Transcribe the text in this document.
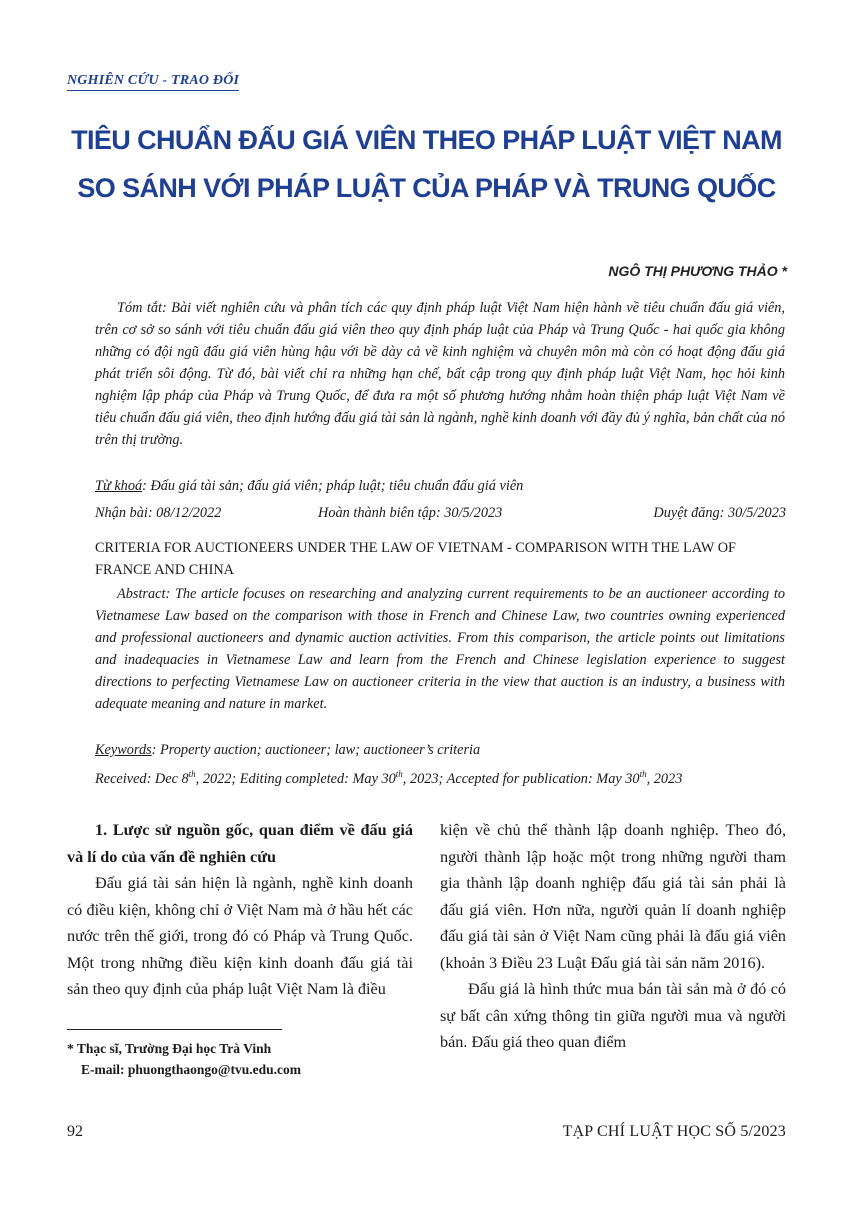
NGHIÊN CỨU - TRAO ĐỔI
TIÊU CHUẨN ĐẤU GIÁ VIÊN THEO PHÁP LUẬT VIỆT NAM
SO SÁNH VỚI PHÁP LUẬT CỦA PHÁP VÀ TRUNG QUỐC
NGÔ THỊ PHƯƠNG THẢO *
Tóm tắt: Bài viết nghiên cứu và phân tích các quy định pháp luật Việt Nam hiện hành về tiêu chuẩn đấu giá viên, trên cơ sở so sánh với tiêu chuẩn đấu giá viên theo quy định pháp luật của Pháp và Trung Quốc - hai quốc gia không những có đội ngũ đấu giá viên hùng hậu với bề dày cả về kinh nghiệm và chuyên môn mà còn có hoạt động đấu giá phát triển sôi động. Từ đó, bài viết chỉ ra những hạn chế, bất cập trong quy định pháp luật Việt Nam, học hỏi kinh nghiệm lập pháp của Pháp và Trung Quốc, để đưa ra một số phương hướng nhằm hoàn thiện pháp luật Việt Nam về tiêu chuẩn đấu giá viên, theo định hướng đấu giá tài sản là ngành, nghề kinh doanh với đầy đủ ý nghĩa, bản chất của nó trên thị trường.
Từ khoá: Đấu giá tài sản; đấu giá viên; pháp luật; tiêu chuẩn đấu giá viên
Nhận bài: 08/12/2022	Hoàn thành biên tập: 30/5/2023	Duyệt đăng: 30/5/2023
CRITERIA FOR AUCTIONEERS UNDER THE LAW OF VIETNAM - COMPARISON WITH THE LAW OF FRANCE AND CHINA
Abstract: The article focuses on researching and analyzing current requirements to be an auctioneer according to Vietnamese Law based on the comparison with those in French and Chinese Law, two countries owning experienced and professional auctioneers and dynamic auction activities. From this comparison, the article points out limitations and inadequacies in Vietnamese Law and learn from the French and Chinese legislation experience to suggest directions to perfecting Vietnamese Law on auctioneer criteria in the view that auction is an industry, a business with adequate meaning and nature in market.
Keywords: Property auction; auctioneer; law; auctioneer’s criteria
Received: Dec 8th, 2022; Editing completed: May 30th, 2023; Accepted for publication: May 30th, 2023

1. Lược sử nguồn gốc, quan điểm về đấu giá và lí do của vấn đề nghiên cứu

Đấu giá tài sản hiện là ngành, nghề kinh doanh có điều kiện, không chỉ ở Việt Nam mà ở hầu hết các nước trên thế giới, trong đó có Pháp và Trung Quốc. Một trong những điều kiện kinh doanh đấu giá tài sản theo quy định của pháp luật Việt Nam là điều

kiện về chủ thể thành lập doanh nghiệp. Theo đó, người thành lập hoặc một trong những người tham gia thành lập doanh nghiệp đấu giá tài sản phải là đấu giá viên. Hơn nữa, người quản lí doanh nghiệp đấu giá tài sản ở Việt Nam cũng phải là đấu giá viên (khoản 3 Điều 23 Luật Đấu giá tài sản năm 2016).

Đấu giá là hình thức mua bán tài sản mà ở đó có sự bất cân xứng thông tin giữa người mua và người bán. Đấu giá theo quan điểm

* Thạc sĩ, Trường Đại học Trà Vinh
E-mail: phuongthaongo@tvu.edu.com
92	TẠP CHÍ LUẬT HỌC SỐ 5/2023
